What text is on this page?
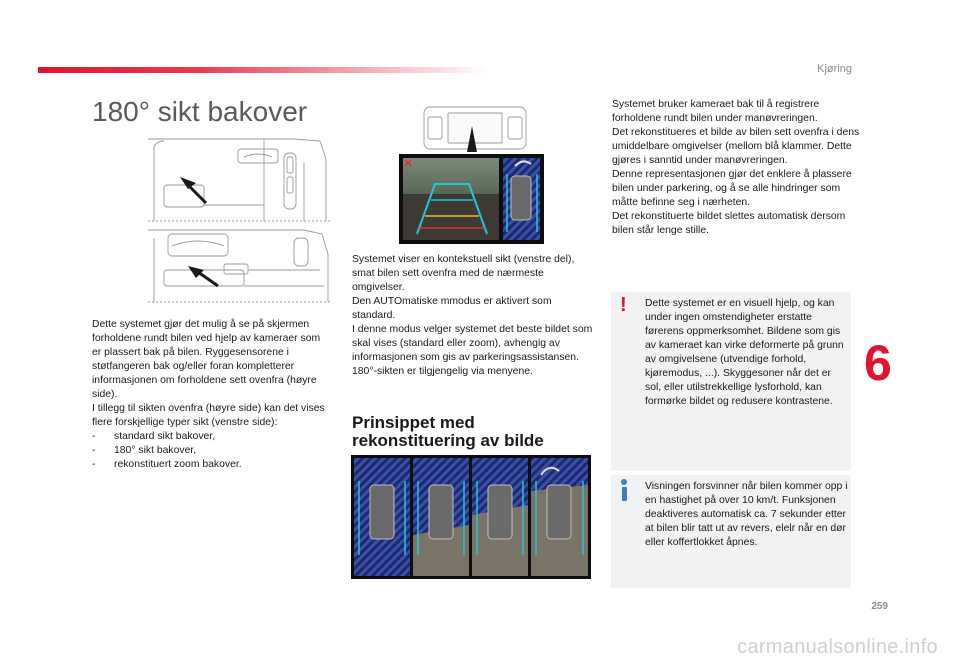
Kjøring
6
259
carmanualsonline.info
180° sikt bakover

Dette systemet gjør det mulig å se på skjermen forholdene rundt bilen ved hjelp av kameraer som er plassert bak på bilen. Ryggesensorene i støtfangeren bak og/eller foran kompletterer informasjonen om forholdene sett ovenfra (høyre side).

I tillegg til sikten ovenfra (høyre side) kan det vises flere forskjellige typer sikt (venstre side):

- standard sikt bakover,
- 180° sikt bakover,
- rekonstituert zoom bakover.

Systemet viser en kontekstuell sikt (venstre del), smat bilen sett ovenfra med de nærmeste omgivelser.

Den AUTOmatiske mmodus er aktivert som standard.

I denne modus velger systemet det beste bildet som skal vises (standard eller zoom), avhengig av informasjonen som gis av parkeringsassistansen.

180°-sikten er tilgjengelig via menyene.

Prinsippet med rekonstituering av bilde

Systemet bruker kameraet bak til å registrere forholdene rundt bilen under manøvreringen.

Det rekonstitueres et bilde av bilen sett ovenfra i dens umiddelbare omgivelser (mellom blå klammer. Dette gjøres i sanntid under manøvreringen.

Denne representasjonen gjør det enklere å plassere bilen under parkering, og å se alle hindringer som måtte befinne seg i nærheten.

Det rekonstituerte bildet slettes automatisk dersom bilen står lenge stille.

! Dette systemet er en visuell hjelp, og kan under ingen omstendigheter erstatte førerens oppmerksomhet. Bildene som gis av kameraet kan virke deformerte på grunn av omgivelsene (utvendige forhold, kjøremodus, ...). Skyggesoner når det er sol, eller utilstrekkellige lysforhold, kan formørke bildet og redusere kontrastene.
Visningen forsvinner når bilen kommer opp i en hastighet på over 10 km/t. Funksjonen deaktiveres automatisk ca. 7 sekunder etter at bilen blir tatt ut av revers, elelr når en dør eller koffertlokket åpnes.
